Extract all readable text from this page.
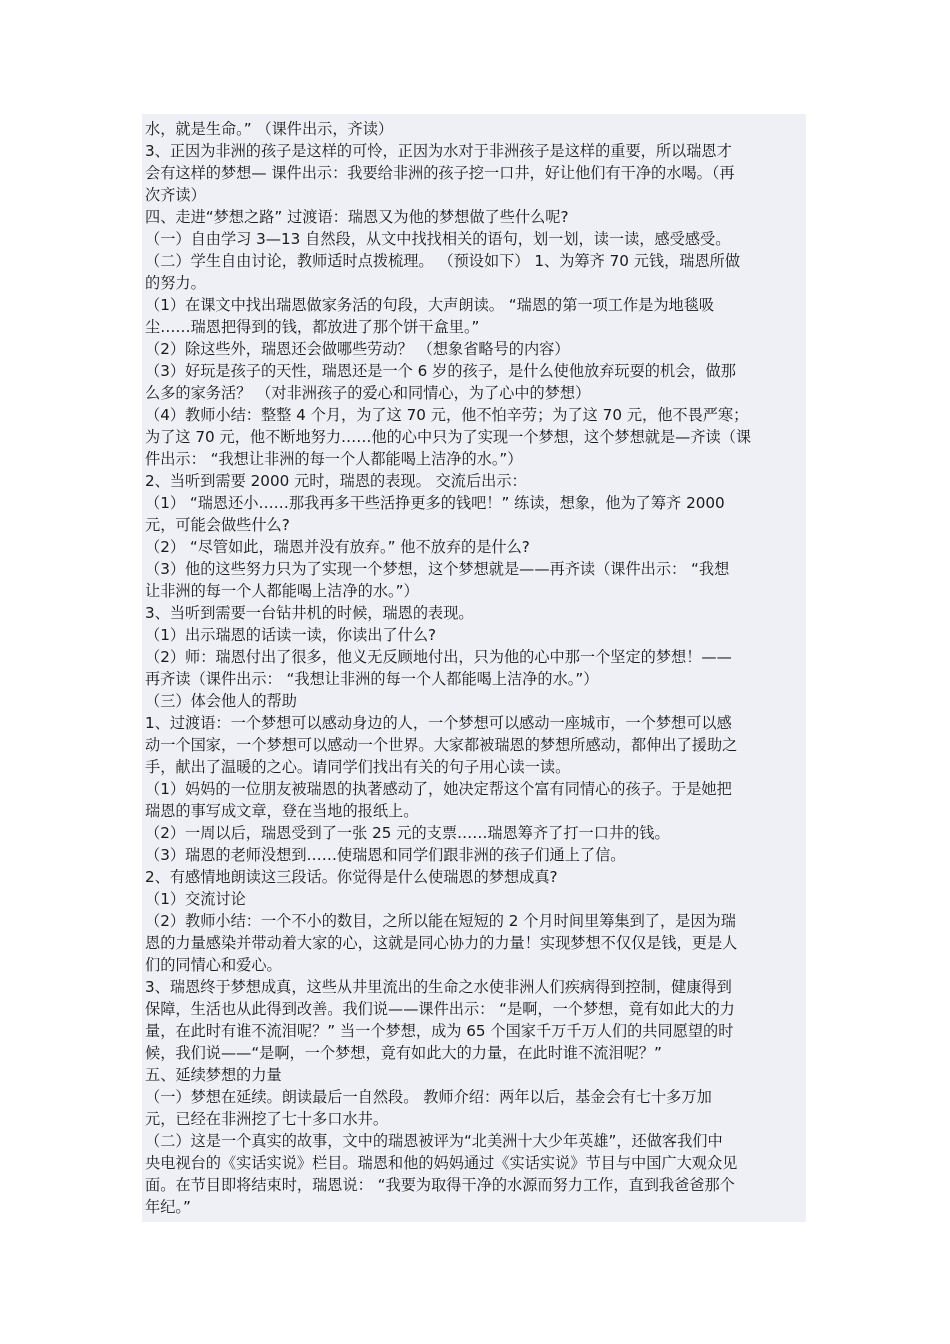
水，就是生命。” （课件出示，齐读）
3、正因为非洲的孩子是这样的可怜，正因为水对于非洲孩子是这样的重要，所以瑞恩才
会有这样的梦想— 课件出示：我要给非洲的孩子挖一口井，好让他们有干净的水喝。（再
次齐读）
四、走进“梦想之路” 过渡语：瑞恩又为他的梦想做了些什么呢?
（一）自由学习 3—13 自然段，从文中找找相关的语句，划一划，读一读，感受感受。
（二）学生自由讨论，教师适时点拨梳理。 （预设如下） 1、为筹齐 70 元钱，瑞恩所做
的努力。
（1）在课文中找出瑞恩做家务活的句段，大声朗读。 “瑞恩的第一项工作是为地毯吸
尘……瑞恩把得到的钱，都放进了那个饼干盒里。”
（2）除这些外，瑞恩还会做哪些劳动？ （想象省略号的内容）
（3）好玩是孩子的天性，瑞恩还是一个 6 岁的孩子，是什么使他放弃玩耍的机会，做那
么多的家务活？ （对非洲孩子的爱心和同情心，为了心中的梦想）
（4）教师小结：整整 4 个月，为了这 70 元，他不怕辛劳；为了这 70 元，他不畏严寒；
为了这 70 元，他不断地努力……他的心中只为了实现一个梦想，这个梦想就是—齐读（课
件出示： “我想让非洲的每一个人都能喝上洁净的水。”）
2、当听到需要 2000 元时，瑞恩的表现。 交流后出示：
（1） “瑞恩还小……那我再多干些活挣更多的钱吧！” 练读，想象，他为了筹齐 2000
元，可能会做些什么?
（2） “尽管如此，瑞恩并没有放弃。” 他不放弃的是什么?
（3）他的这些努力只为了实现一个梦想，这个梦想就是——再齐读（课件出示： “我想
让非洲的每一个人都能喝上洁净的水。”）
3、当听到需要一台钻井机的时候，瑞恩的表现。
（1）出示瑞恩的话读一读，你读出了什么?
（2）师：瑞恩付出了很多，他义无反顾地付出，只为他的心中那一个坚定的梦想！——
再齐读（课件出示： “我想让非洲的每一个人都能喝上洁净的水。”）
（三）体会他人的帮助
1、过渡语：一个梦想可以感动身边的人，一个梦想可以感动一座城市，一个梦想可以感
动一个国家，一个梦想可以感动一个世界。大家都被瑞恩的梦想所感动，都伸出了援助之
手，献出了温暖的之心。请同学们找出有关的句子用心读一读。
（1）妈妈的一位朋友被瑞恩的执著感动了，她决定帮这个富有同情心的孩子。于是她把
瑞恩的事写成文章，登在当地的报纸上。
（2）一周以后，瑞恩受到了一张 25 元的支票……瑞恩筹齐了打一口井的钱。
（3）瑞恩的老师没想到……使瑞恩和同学们跟非洲的孩子们通上了信。
2、有感情地朗读这三段话。你觉得是什么使瑞恩的梦想成真?
（1）交流讨论
（2）教师小结：一个不小的数目，之所以能在短短的 2 个月时间里筹集到了，是因为瑞
恩的力量感染并带动着大家的心，这就是同心协力的力量！实现梦想不仅仅是钱，更是人
们的同情心和爱心。
3、瑞恩终于梦想成真，这些从井里流出的生命之水使非洲人们疾病得到控制，健康得到
保障，生活也从此得到改善。我们说——课件出示： “是啊，一个梦想，竟有如此大的力
量，在此时有谁不流泪呢？” 当一个梦想，成为 65 个国家千万千万人们的共同愿望的时
候，我们说——“是啊，一个梦想，竟有如此大的力量，在此时谁不流泪呢？”
五、延续梦想的力量
（一）梦想在延续。朗读最后一自然段。 教师介绍：两年以后，基金会有七十多万加
元，已经在非洲挖了七十多口水井。
（二）这是一个真实的故事，文中的瑞恩被评为“北美洲十大少年英雄”，还做客我们中
央电视台的《实话实说》栏目。瑞恩和他的妈妈通过《实话实说》节目与中国广大观众见
面。在节目即将结束时，瑞恩说： “我要为取得干净的水源而努力工作，直到我爸爸那个
年纪。”
